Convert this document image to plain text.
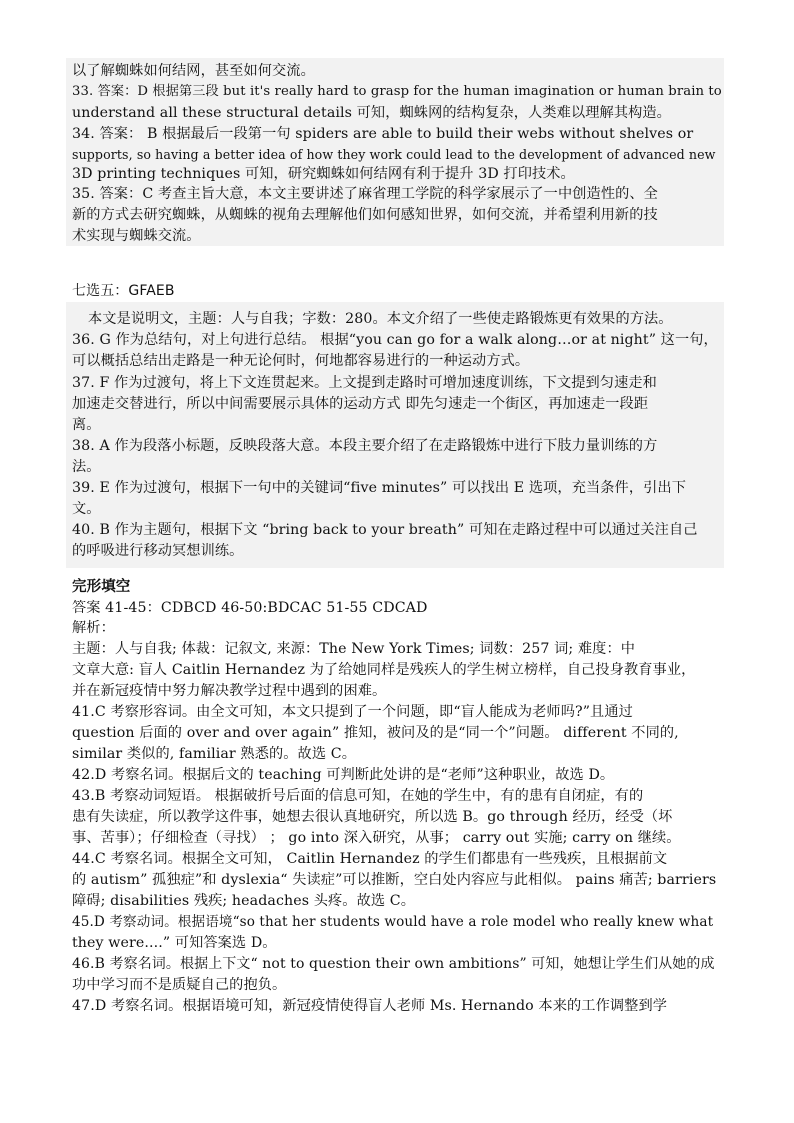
以了解蜘蛛如何结网，甚至如何交流。
33. 答案：D 根据第三段 but it's really hard to grasp for the human imagination or human brain to
understand all these structural details 可知，蜘蛛网的结构复杂，人类难以理解其构造。
34. 答案： B 根据最后一段第一句 spiders are able to build their webs without shelves or
supports, so having a better idea of how they work could lead to the development of advanced new
3D printing techniques 可知，研究蜘蛛如何结网有利于提升 3D 打印技术。
35. 答案：C 考查主旨大意，本文主要讲述了麻省理工学院的科学家展示了一中创造性的、全
新的方式去研究蜘蛛，从蜘蛛的视角去理解他们如何感知世界，如何交流，并希望利用新的技
术实现与蜘蛛交流。
七选五：GFAEB
本文是说明文，主题：人与自我；字数：280。本文介绍了一些使走路锻炼更有效果的方法。
36. G 作为总结句，对上句进行总结。 根据“you can go for a walk along…or at night” 这一句，
可以概括总结出走路是一种无论何时，何地都容易进行的一种运动方式。
37. F 作为过渡句，将上下文连贯起来。上文提到走路时可增加速度训练，下文提到匀速走和
加速走交替进行，所以中间需要展示具体的运动方式 即先匀速走一个街区，再加速走一段距
离。
38. A 作为段落小标题，反映段落大意。本段主要介绍了在走路锻炼中进行下肢力量训练的方
法。
39. E 作为过渡句，根据下一句中的关键词“five minutes” 可以找出 E 选项，充当条件，引出下
文。
40. B 作为主题句，根据下文 “bring back to your breath” 可知在走路过程中可以通过关注自己
的呼吸进行移动冥想训练。
完形填空
答案 41-45：CDBCD 46-50:BDCAC 51-55 CDCAD
解析：
主题：人与自我; 体裁：记叙文, 来源：The New York Times; 词数：257 词; 难度：中
文章大意: 盲人 Caitlin Hernandez 为了给她同样是残疾人的学生树立榜样，自己投身教育事业，
并在新冠疫情中努力解决教学过程中遇到的困难。
41.C 考察形容词。由全文可知，本文只提到了一个问题，即“盲人能成为老师吗?”且通过
question 后面的 over and over again” 推知，被问及的是“同一个”问题。 different 不同的,
similar 类似的, familiar 熟悉的。故选 C。
42.D 考察名词。根据后文的 teaching 可判断此处讲的是“老师”这种职业，故选 D。
43.B 考察动词短语。 根据破折号后面的信息可知，在她的学生中，有的患有自闭症，有的
患有失读症，所以教学这件事，她想去很认真地研究，所以选 B。go through 经历，经受（坏
事、苦事）；仔细检查（寻找） ； go into 深入研究，从事； carry out 实施; carry on 继续。
44.C 考察名词。根据全文可知， Caitlin Hernandez 的学生们都患有一些残疾，且根据前文
的 autism” 孤独症”和 dyslexia“ 失读症”可以推断，空白处内容应与此相似。 pains 痛苦; barriers
障碍; disabilities 残疾; headaches 头疼。故选 C。
45.D 考察动词。根据语境“so that her students would have a role model who really knew what
they were....” 可知答案选 D。
46.B 考察名词。根据上下文“ not to question their own ambitions” 可知，她想让学生们从她的成
功中学习而不是质疑自己的抱负。
47.D 考察名词。根据语境可知，新冠疫情使得盲人老师 Ms. Hernando 本来的工作调整到学
